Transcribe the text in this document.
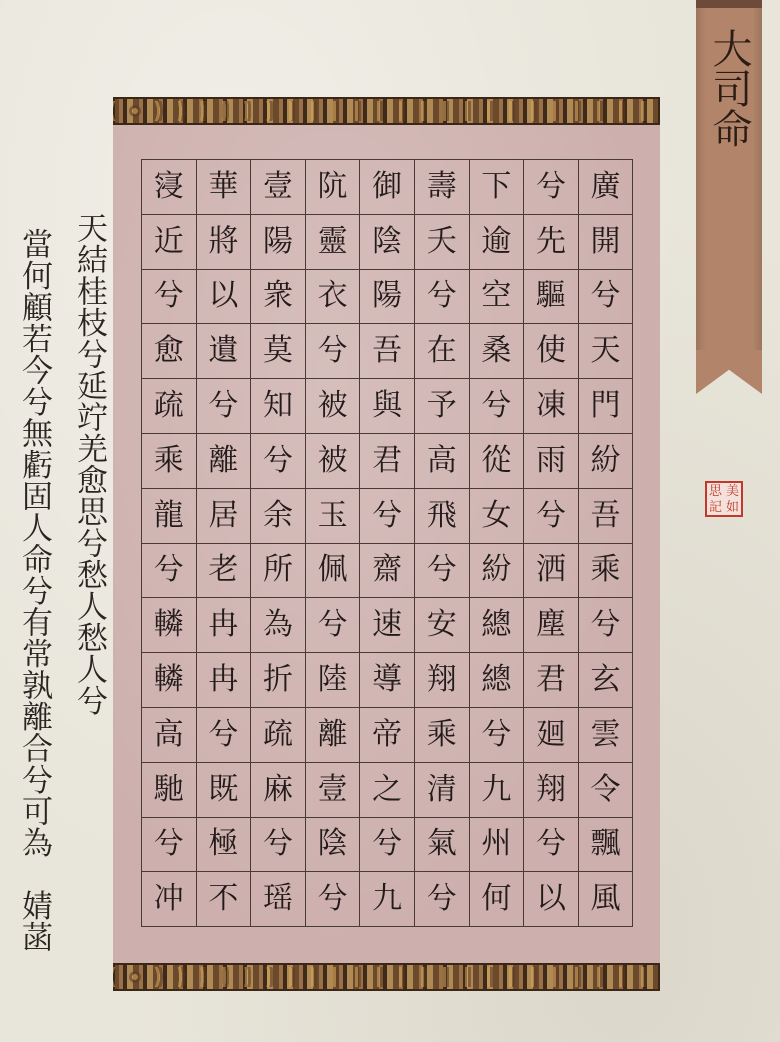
寖 華 壹 阬 御 壽 下 兮 廣
近 將 陽 靈 陰 夭 逾 先 開
兮 以 衆 衣 陽 兮 空 驅 兮
愈 遺 莫 兮 吾 在 桑 使 天
疏 兮 知 被 與 予 兮 凍 門
乘 離 兮 被 君 高 從 雨 紛
龍 居 余 玉 兮 飛 女 兮 吾
兮 老 所 佩 齋 兮 紛 洒 乘
轔 冉 為 兮 速 安 總 塵 兮
轔 冉 折 陸 導 翔 總 君 玄
高 兮 疏 離 帝 乘 兮 廻 雲
馳 既 麻 壹 之 清 九 翔 令
兮 極 兮 陰 兮 氣 州 兮 飄
冲 不 瑶 兮 九 兮 何 以 風
天結桂枝兮延竚羌愈思兮愁人愁人兮
當何顧若今兮無虧固人命兮有常孰離合兮可為　婧菡
大司命
思 美
記 如
